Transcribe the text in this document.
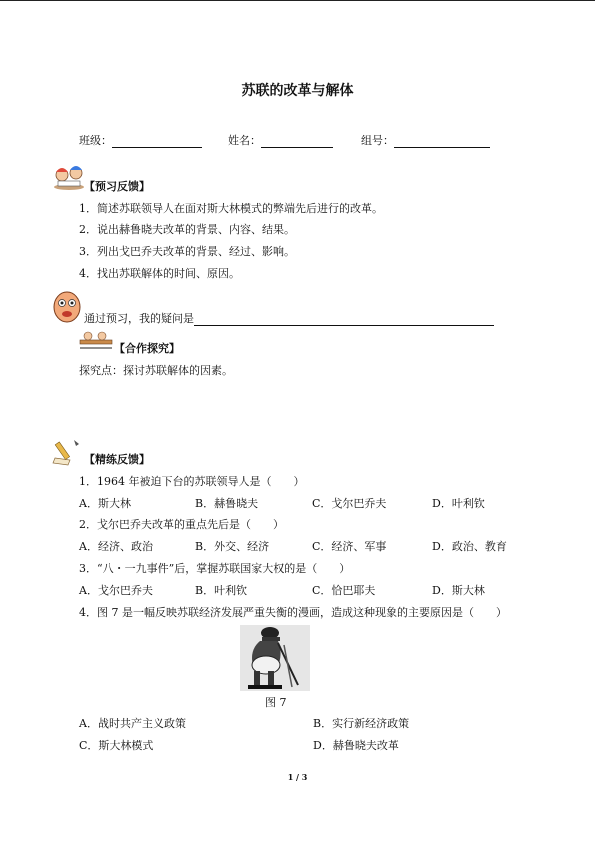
苏联的改革与解体
班级：	姓名：	组号：
【预习反馈】
1．简述苏联领导人在面对斯大林模式的弊端先后进行的改革。
2．说出赫鲁晓夫改革的背景、内容、结果。
3．列出戈巴乔夫改革的背景、经过、影响。
4．找出苏联解体的时间、原因。
通过预习，我的疑问是
【合作探究】
探究点：探讨苏联解体的因素。
【精练反馈】
1．1964 年被迫下台的苏联领导人是（　　）
A．斯大林	B．赫鲁晓夫	C．戈尔巴乔夫	D．叶利钦
2．戈尔巴乔夫改革的重点先后是（　　）
A．经济、政治	B．外交、经济	C．经济、军事	D．政治、教育
3．“八・一九事件”后，掌握苏联国家大权的是（　　）
A．戈尔巴乔夫	B．叶利钦	C．恰巴耶夫	D．斯大林
4．图 7 是一幅反映苏联经济发展严重失衡的漫画，造成这种现象的主要原因是（　　）
图 7
A．战时共产主义政策	B．实行新经济政策
C．斯大林模式	D．赫鲁晓夫改革
1 / 3
